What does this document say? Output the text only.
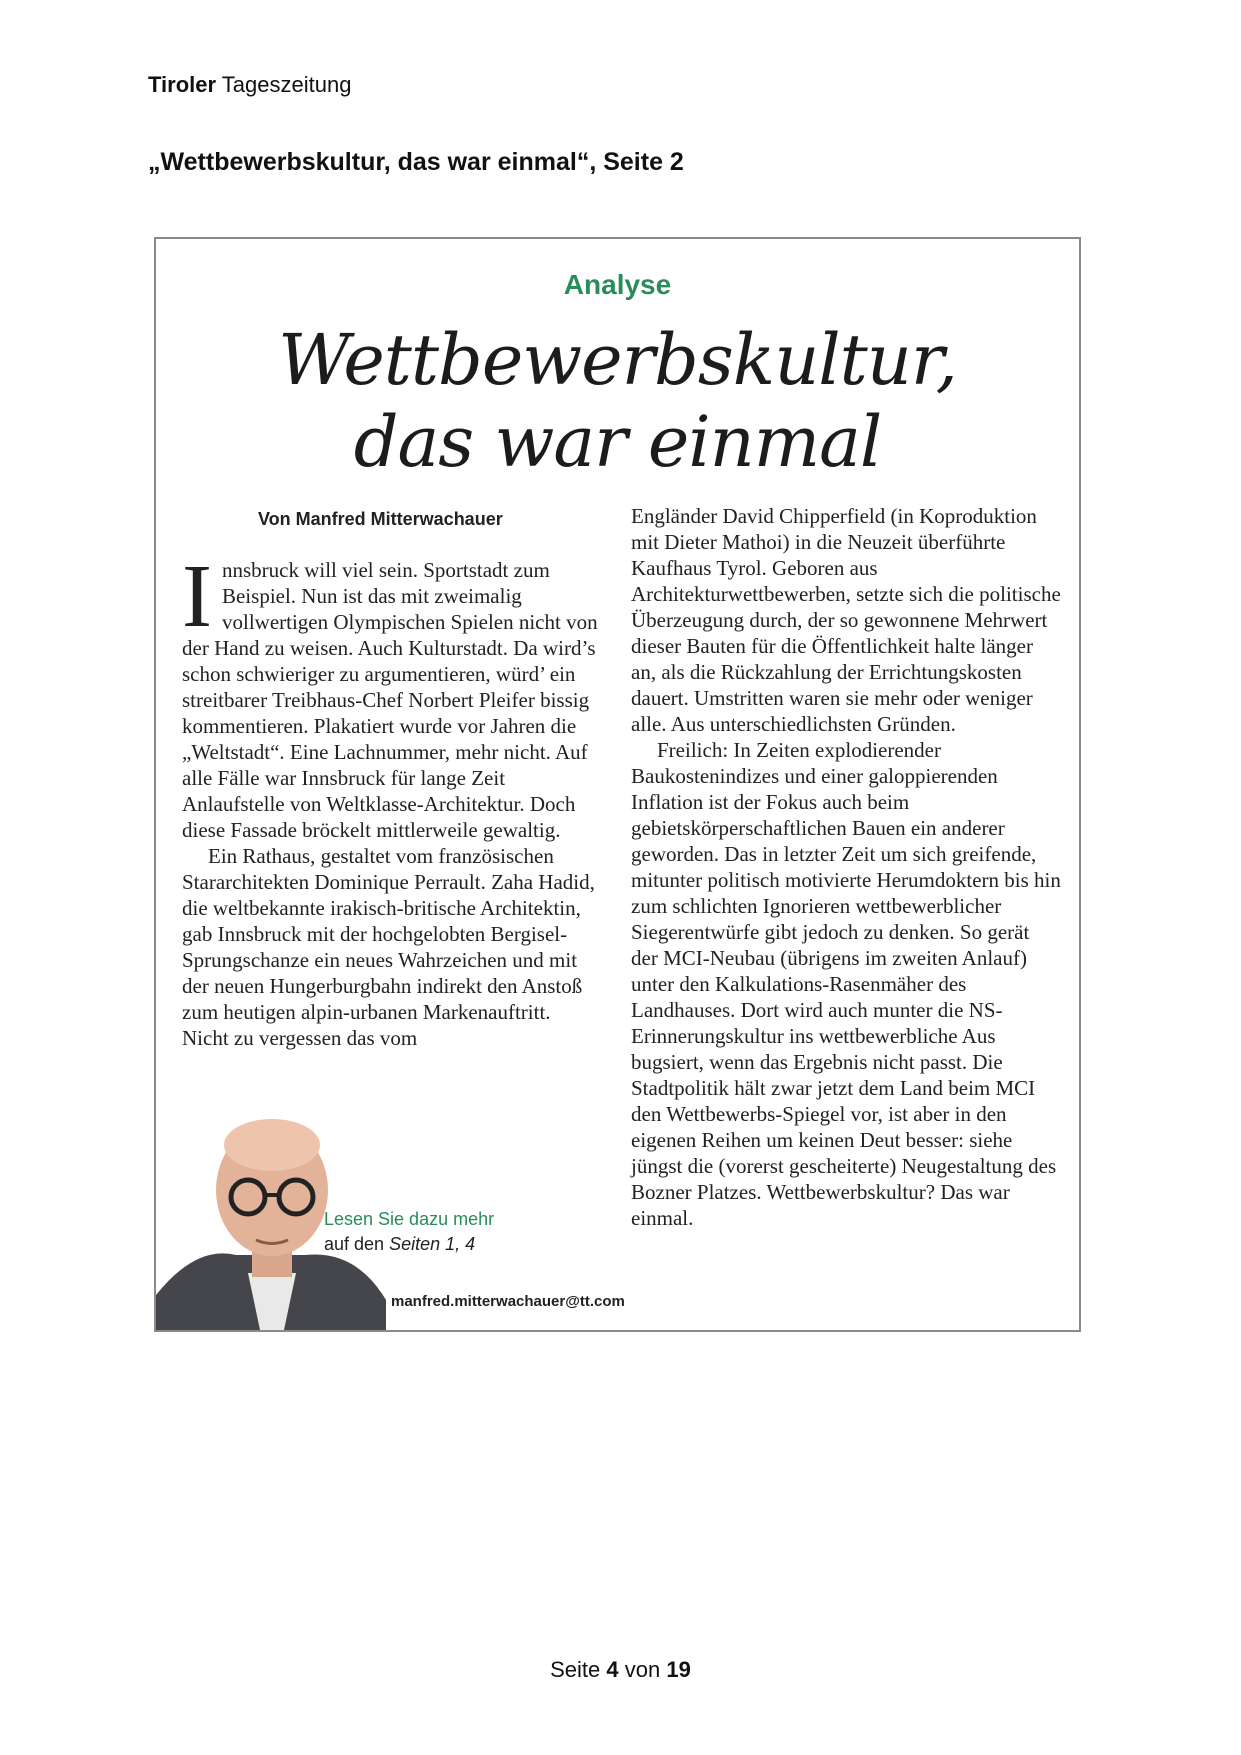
Tiroler Tageszeitung
„Wettbewerbskultur, das war einmal“, Seite 2
Analyse
Wettbewerbskultur,
das war einmal
Von Manfred Mitterwachauer

Innsbruck will viel sein. Sportstadt zum Beispiel. Nun ist das mit zweimalig vollwertigen Olympischen Spielen nicht von der Hand zu weisen. Auch Kulturstadt. Da wird’s schon schwieriger zu argumentieren, würd’ ein streitbarer Treibhaus-Chef Norbert Pleifer bissig kommentieren. Plakatiert wurde vor Jahren die „Weltstadt“. Eine Lachnummer, mehr nicht. Auf alle Fälle war Innsbruck für lange Zeit Anlaufstelle von Weltklasse-Architektur. Doch diese Fassade bröckelt mittlerweile gewaltig.

Ein Rathaus, gestaltet vom französischen Stararchitekten Dominique Perrault. Zaha Hadid, die weltbekannte irakisch-britische Architektin, gab Innsbruck mit der hochgelobten Bergisel-Sprungschanze ein neues Wahrzeichen und mit der neuen Hungerburgbahn indirekt den Anstoß zum heutigen alpin-urbanen Markenauftritt. Nicht zu vergessen das vom

Engländer David Chipperfield (in Koproduktion mit Dieter Mathoi) in die Neuzeit überführte Kaufhaus Tyrol. Geboren aus Architekturwettbewerben, setzte sich die politische Überzeugung durch, der so gewonnene Mehrwert dieser Bauten für die Öffentlichkeit halte länger an, als die Rückzahlung der Errichtungskosten dauert. Umstritten waren sie mehr oder weniger alle. Aus unterschiedlichsten Gründen.

Freilich: In Zeiten explodierender Baukostenindizes und einer galoppierenden Inflation ist der Fokus auch beim gebietskörperschaftlichen Bauen ein anderer geworden. Das in letzter Zeit um sich greifende, mitunter politisch motivierte Herumdoktern bis hin zum schlichten Ignorieren wettbewerblicher Siegerentwürfe gibt jedoch zu denken. So gerät der MCI-Neubau (übrigens im zweiten Anlauf) unter den Kalkulations-Rasenmäher des Landhauses. Dort wird auch munter die NS-Erinnerungskultur ins wettbewerbliche Aus bugsiert, wenn das Ergebnis nicht passt. Die Stadtpolitik hält zwar jetzt dem Land beim MCI den Wettbewerbs-Spiegel vor, ist aber in den eigenen Reihen um keinen Deut besser: siehe jüngst die (vorerst gescheiterte) Neugestaltung des Bozner Platzes. Wettbewerbskultur? Das war einmal.

Lesen Sie dazu mehr
auf den Seiten 1, 4
manfred.mitterwachauer@tt.com
Seite 4 von 19
